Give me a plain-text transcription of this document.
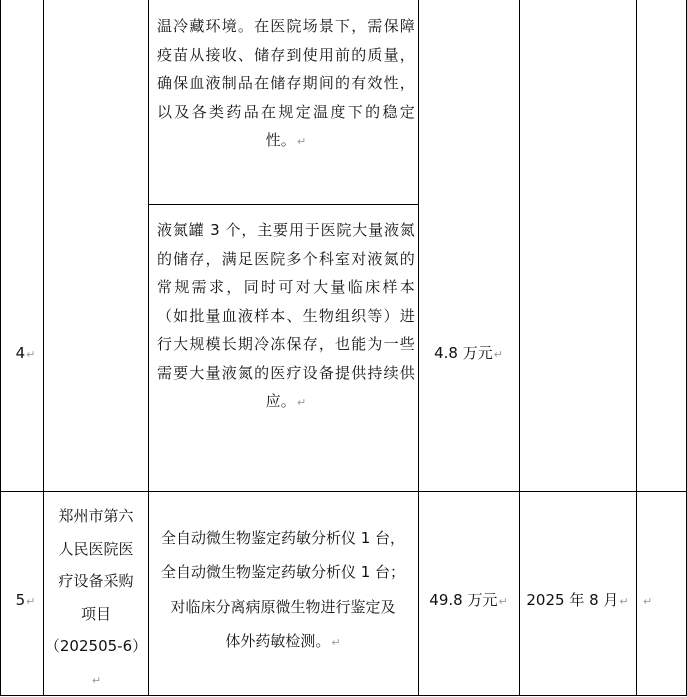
温冷藏环境。在医院场景下，需保障疫苗从接收、储存到使用前的质量，确保血液制品在储存期间的有效性，以及各类药品在规定温度下的稳定性。↵

4↵

液氮罐 3 个，主要用于医院大量液氮的储存，满足医院多个科室对液氮的常规需求，同时可对大量临床样本（如批量血液样本、生物组织等）进行大规模长期冷冻保存，也能为一些需要大量液氮的医疗设备提供持续供应。↵

4.8 万元↵
5↵
郑州市第六
人民医院医
疗设备采购
项目
（202505-6）↵
全自动微生物鉴定药敏分析仪 1 台，
全自动微生物鉴定药敏分析仪 1 台；
对临床分离病原微生物进行鉴定及
体外药敏检测。↵
49.8 万元↵	2025 年 8 月↵	↵
